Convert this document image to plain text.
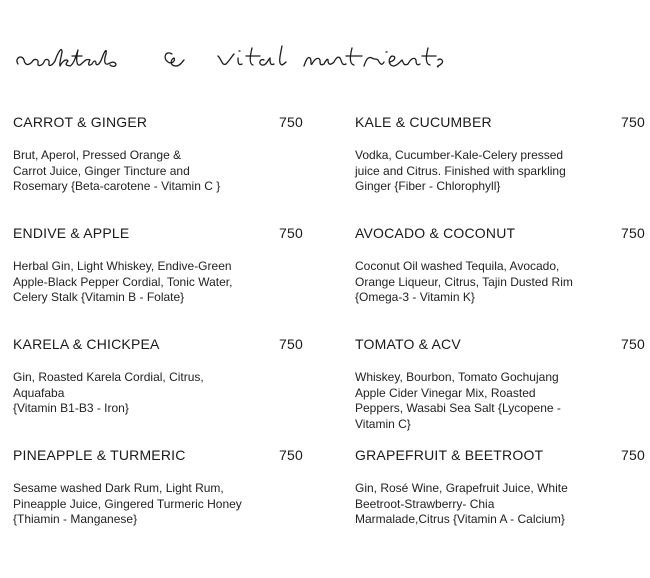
CARROT & GINGER	750
Brut, Aperol, Pressed Orange &
Carrot Juice, Ginger Tincture and
Rosemary {Beta-carotene - Vitamin C }
KALE & CUCUMBER	750
Vodka, Cucumber-Kale-Celery pressed
juice and Citrus. Finished with sparkling
Ginger {Fiber - Chlorophyll}
ENDIVE & APPLE	750
Herbal Gin, Light Whiskey, Endive-Green
Apple-Black Pepper Cordial, Tonic Water,
Celery Stalk {Vitamin B - Folate}
AVOCADO & COCONUT	750
Coconut Oil washed Tequila, Avocado,
Orange Liqueur, Citrus, Tajin Dusted Rim
{Omega-3 - Vitamin K}
KARELA & CHICKPEA	750
Gin, Roasted Karela Cordial, Citrus,
Aquafaba
{Vitamin B1-B3 - Iron}
TOMATO & ACV	750
Whiskey, Bourbon, Tomato Gochujang
Apple Cider Vinegar Mix, Roasted
Peppers, Wasabi Sea Salt {Lycopene -
Vitamin C}
PINEAPPLE & TURMERIC	750
Sesame washed Dark Rum, Light Rum,
Pineapple Juice, Gingered Turmeric Honey
{Thiamin - Manganese}
GRAPEFRUIT & BEETROOT	750
Gin, Rosé Wine, Grapefruit Juice, White
Beetroot-Strawberry- Chia
Marmalade,Citrus {Vitamin A - Calcium}
